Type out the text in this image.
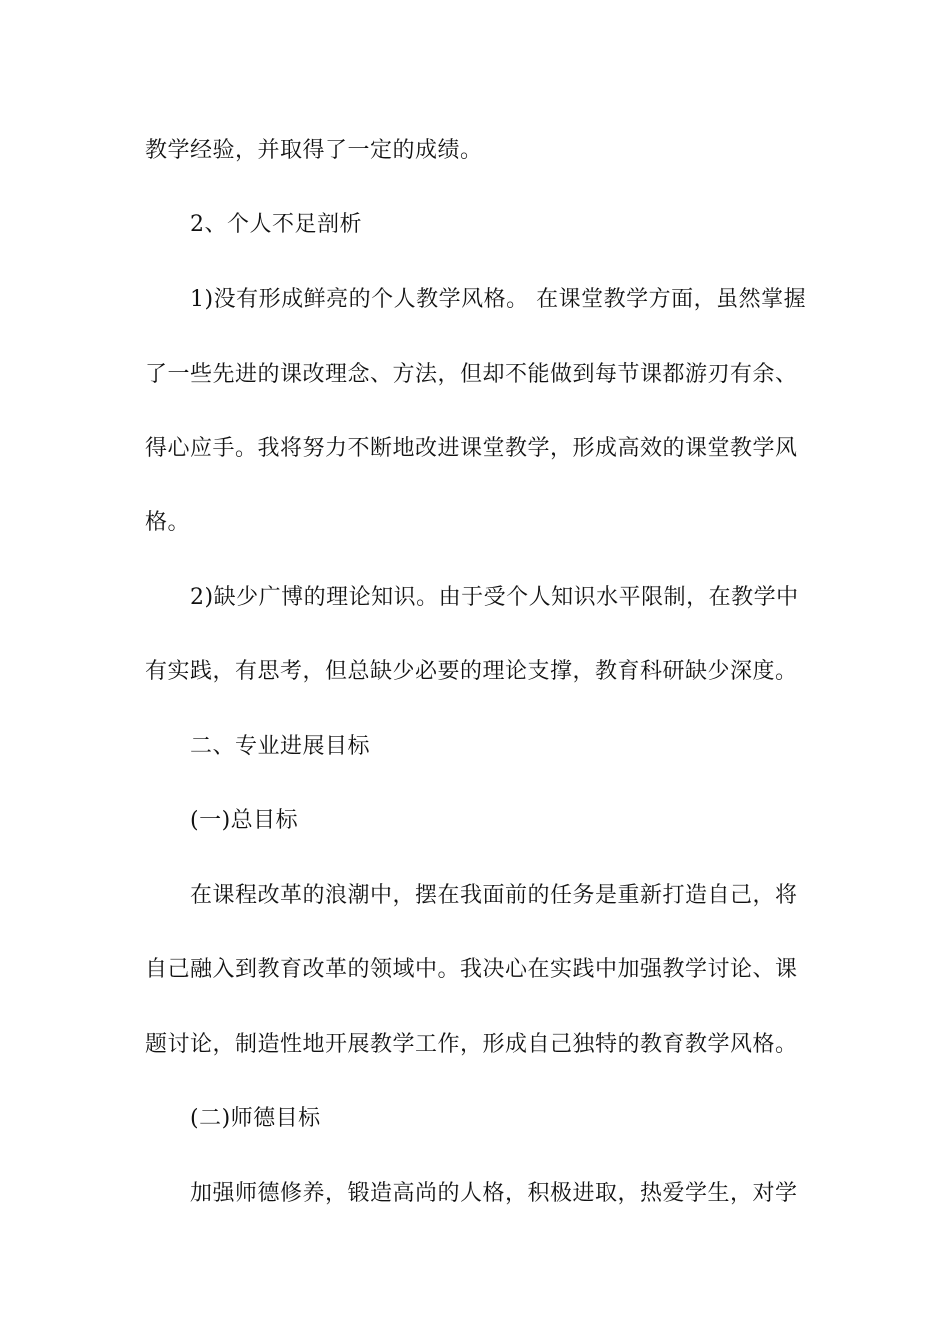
教学经验，并取得了一定的成绩。
2、个人不足剖析
1)没有形成鲜亮的个人教学风格。 在课堂教学方面，虽然掌握
了一些先进的课改理念、方法，但却不能做到每节课都游刃有余、
得心应手。我将努力不断地改进课堂教学，形成高效的课堂教学风
格。
2)缺少广博的理论知识。由于受个人知识水平限制，在教学中
有实践，有思考，但总缺少必要的理论支撑，教育科研缺少深度。
二、专业进展目标
(一)总目标
在课程改革的浪潮中，摆在我面前的任务是重新打造自己，将
自己融入到教育改革的领域中。我决心在实践中加强教学讨论、课
题讨论，制造性地开展教学工作，形成自己独特的教育教学风格。
(二)师德目标
加强师德修养，锻造高尚的人格，积极进取，热爱学生，对学
